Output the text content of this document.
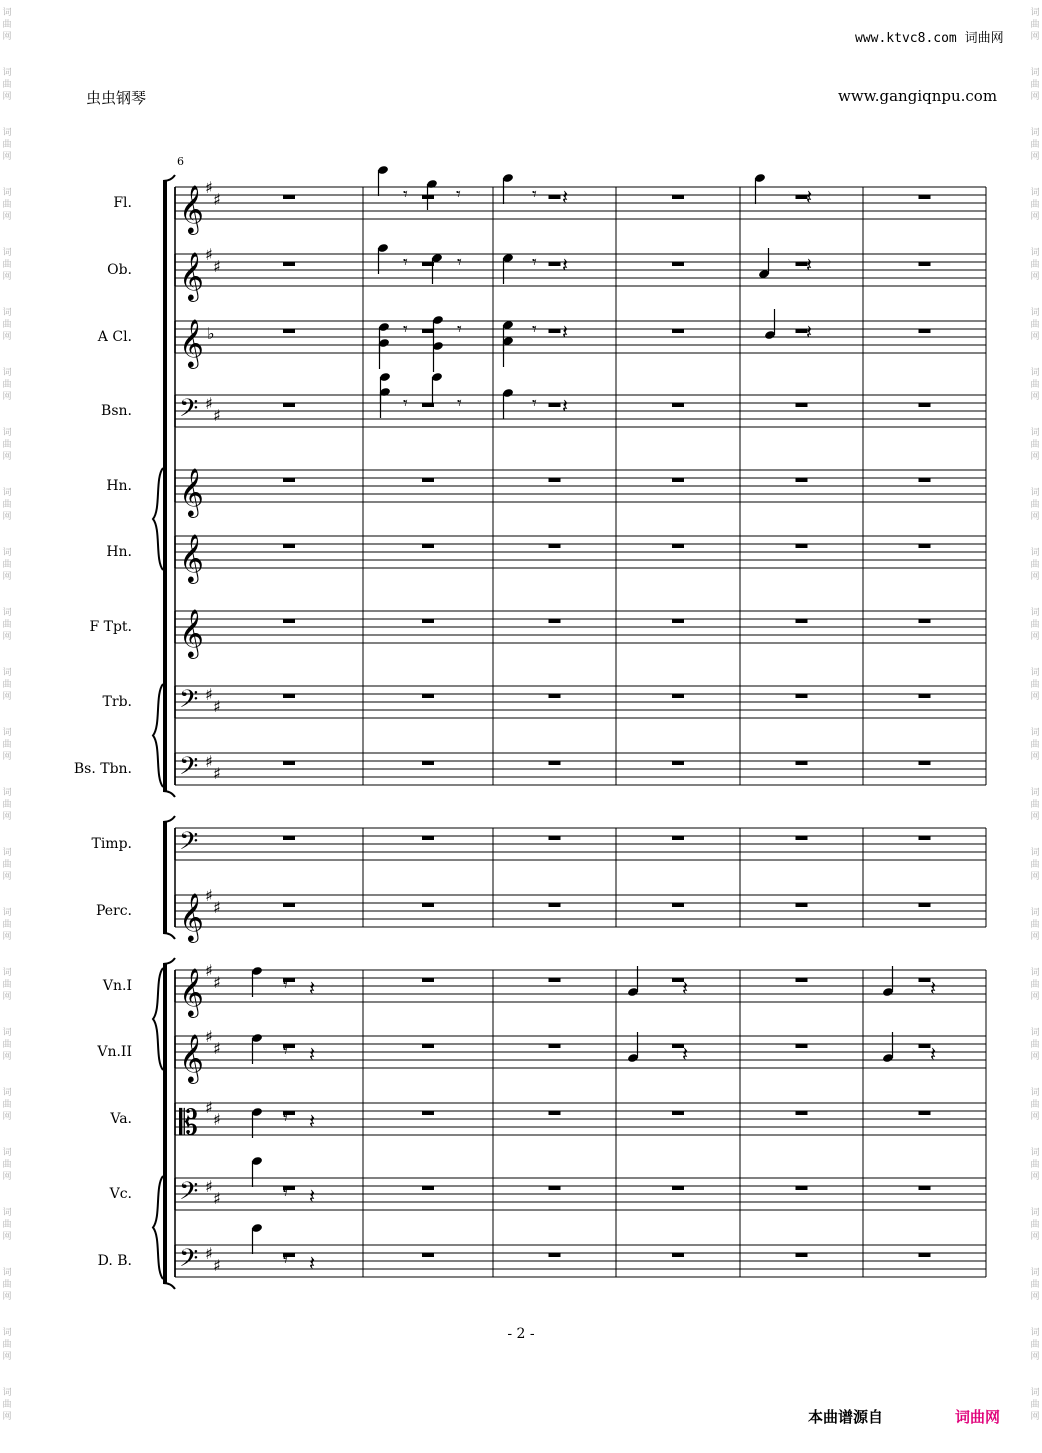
词
曲
网
词
曲
网
词
曲
网
词
曲
网
词
曲
网
词
曲
网
词
曲
网
词
曲
网
词
曲
网
词
曲
网
词
曲
网
词
曲
网
词
曲
网
词
曲
网
词
曲
网
词
曲
网
词
曲
网
词
曲
网
词
曲
网
词
曲
网
词
曲
网
词
曲
网
词
曲
网
词
曲
网
词
曲
网
词
曲
网
词
曲
网
词
曲
网
词
曲
网
词
曲
网
词
曲
网
词
曲
网
词
曲
网
词
曲
网
词
曲
网
词
曲
网
词
曲
网
词
曲
网
词
曲
网
词
曲
网
词
曲
网
词
曲
网
词
曲
网
词
曲
网
词
曲
网
词
曲
网
词
曲
网
词
曲
网
www.ktvc8.com 词曲网
虫虫钢琴	www.gangiqnpu.com
6
Fl.
Ob.
A Cl.
Bsn.
Hn.
Hn.
F Tpt.
Trb.
Bs. Tbn.
Timp.
Perc.
Vn.I
Vn.II
Va.
Vc.
D. B.
𝄞 ♯
♯
𝄞 ♯
♯
𝄞 ♭
𝄢 ♯
♯
𝄞
𝄞
𝄞
𝄢 ♯
♯
𝄢 ♯
♯
𝄢
𝄞 ♯
♯
𝄞 ♯
♯
𝄞 ♯
♯
𝄡 ♯
♯
𝄢 ♯
♯
𝄢 ♯
♯
𝄾	𝄾	𝄾 𝄽	𝄽
𝄾	𝄾	𝄾 𝄽	𝄽
𝄾	𝄾	𝄾 𝄽	𝄽
𝄾	𝄾	𝄾 𝄽
𝄾 𝄽	𝄽	𝄽
𝄾 𝄽	𝄽	𝄽
𝄾 𝄽
𝄾 𝄽
𝄾 𝄽
- 2 -
本曲谱源自	词曲网
